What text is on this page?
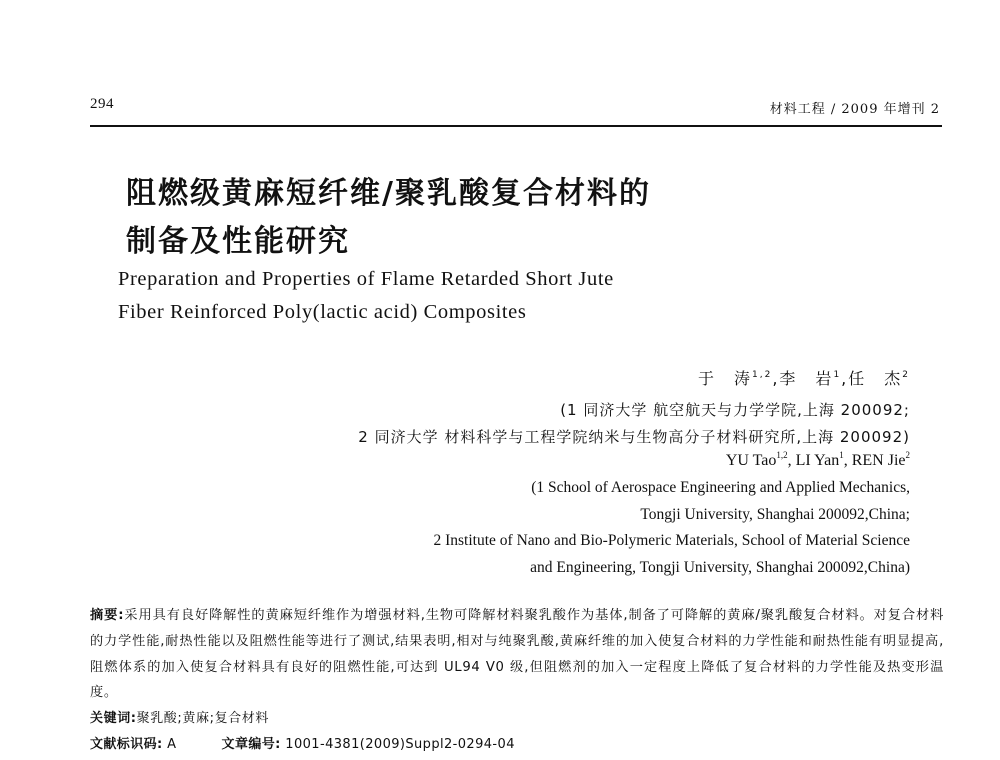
294	材料工程 / 2009 年增刊 2
阻燃级黄麻短纤维/聚乳酸复合材料的
制备及性能研究
Preparation and Properties of Flame Retarded Short Jute
Fiber Reinforced Poly(lactic acid) Composites
于　涛$^{1,2}$,李　岩$^1$,任　杰$^2$
(1 同济大学 航空航天与力学学院,上海 200092;
2 同济大学 材料科学与工程学院纳米与生物高分子材料研究所,上海 200092)
YU Tao$^{1,2}$, LI Yan$^1$, REN Jie$^2$
(1 School of Aerospace Engineering and Applied Mechanics,
Tongji University, Shanghai 200092,China;
2 Institute of Nano and Bio-Polymeric Materials, School of Material Science
and Engineering, Tongji University, Shanghai 200092,China)
摘要:采用具有良好降解性的黄麻短纤维作为增强材料,生物可降解材料聚乳酸作为基体,制备了可降解的黄麻/聚乳酸复合材料。对复合材料的力学性能,耐热性能以及阻燃性能等进行了测试,结果表明,相对与纯聚乳酸,黄麻纤维的加入使复合材料的力学性能和耐热性能有明显提高,阻燃体系的加入使复合材料具有良好的阻燃性能,可达到 UL94 V0 级,但阻燃剂的加入一定程度上降低了复合材料的力学性能及热变形温度。
关键词:聚乳酸;黄麻;复合材料
文献标识码: A	文章编号: 1001-4381(2009)Suppl2-0294-04
